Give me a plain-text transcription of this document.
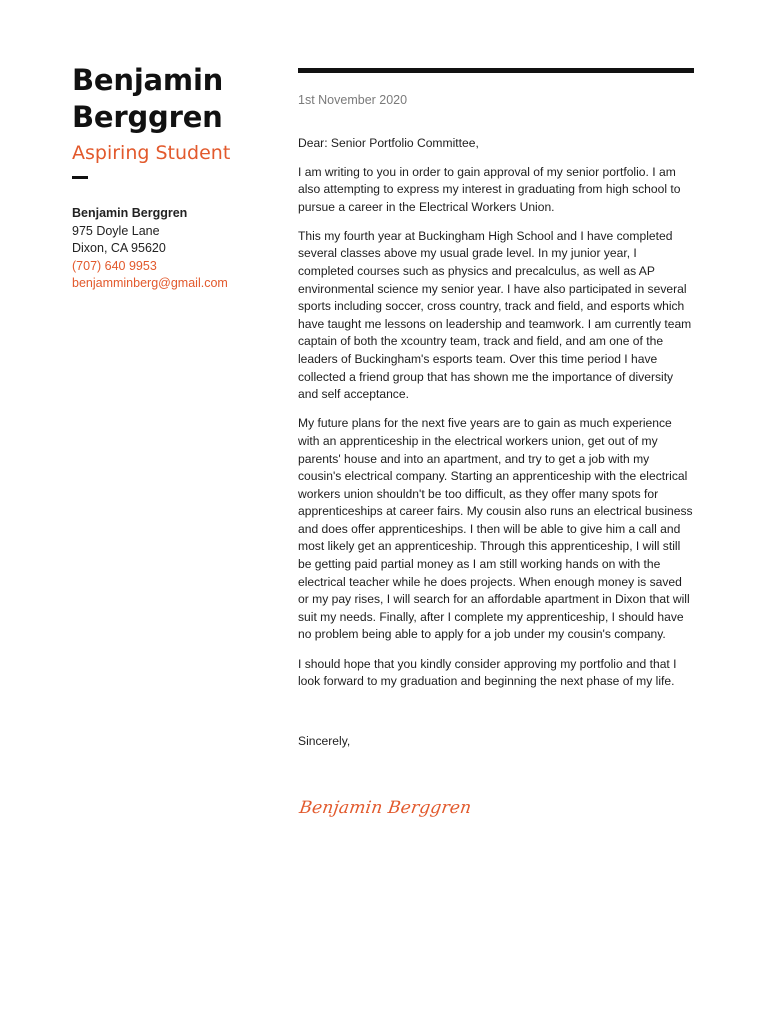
Benjamin
Berggren
Aspiring Student
Benjamin Berggren
975 Doyle Lane
Dixon, CA 95620
(707) 640 9953
benjamminberg@gmail.com
1st November 2020

Dear: Senior Portfolio Committee,

I am writing to you in order to gain approval of my senior portfolio. I am also attempting to express my interest in graduating from high school to pursue a career in the Electrical Workers Union.

This my fourth year at Buckingham High School and I have completed several classes above my usual grade level. In my junior year, I completed courses such as physics and precalculus, as well as AP environmental science my senior year. I have also participated in several sports including soccer, cross country, track and field, and esports which have taught me lessons on leadership and teamwork. I am currently team captain of both the xcountry team, track and field, and am one of the leaders of Buckingham's esports team. Over this time period I have collected a friend group that has shown me the importance of diversity and self acceptance.

My future plans for the next five years are to gain as much experience with an apprenticeship in the electrical workers union, get out of my parents' house and into an apartment, and try to get a job with my cousin's electrical company. Starting an apprenticeship with the electrical workers union shouldn't be too difficult, as they offer many spots for apprenticeships at career fairs. My cousin also runs an electrical business and does offer apprenticeships. I then will be able to give him a call and most likely get an apprenticeship. Through this apprenticeship, I will still be getting paid partial money as I am still working hands on with the electrical teacher while he does projects. When enough money is saved or my pay rises, I will search for an affordable apartment in Dixon that will suit my needs. Finally, after I complete my apprenticeship, I should have no problem being able to apply for a job under my cousin's company.

I should hope that you kindly consider approving my portfolio and that I look forward to my graduation and beginning the next phase of my life.

Sincerely,
Benjamin Berggren
